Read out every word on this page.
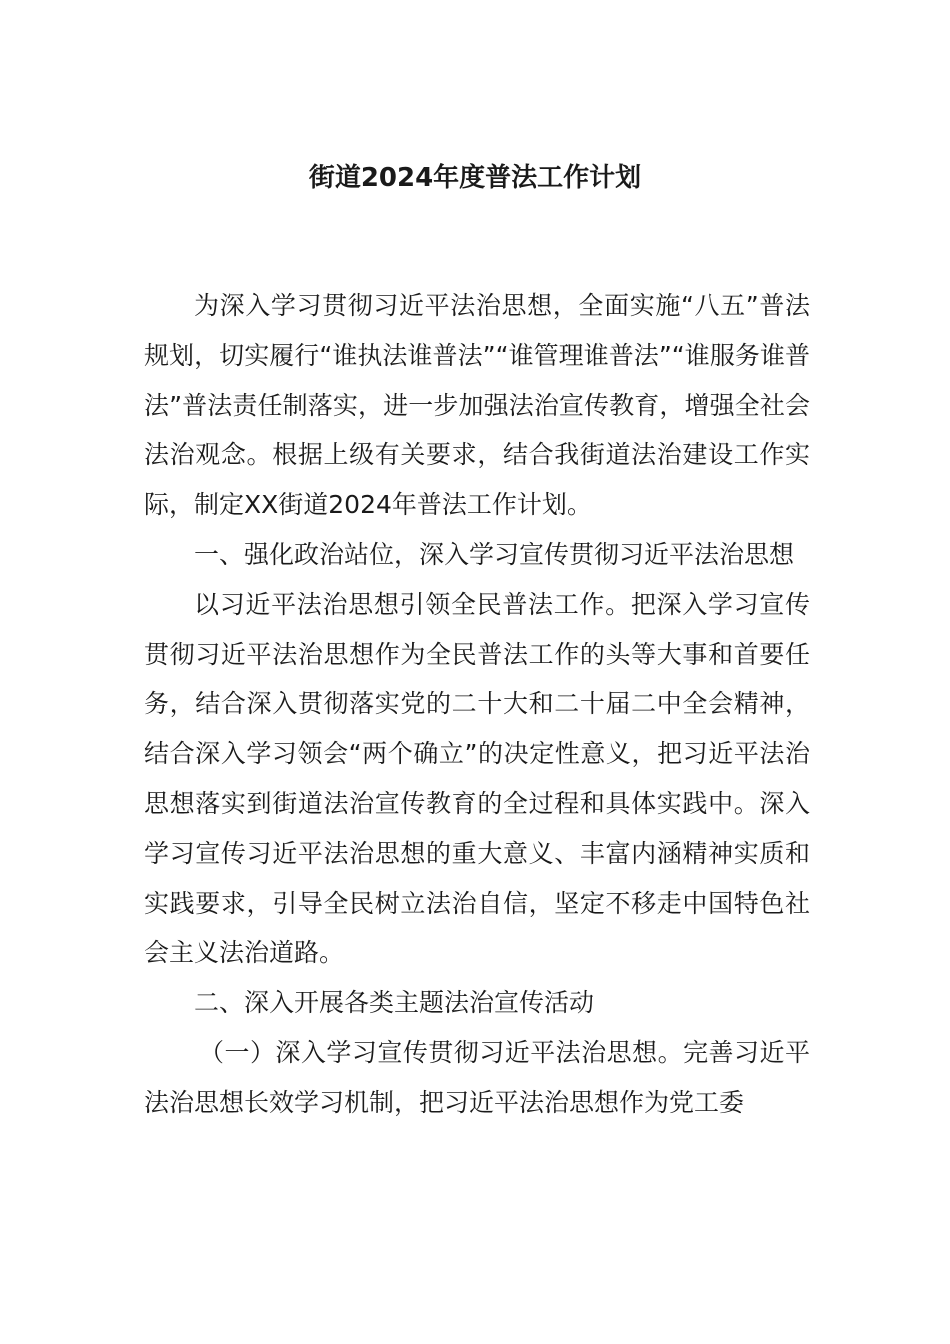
街道2024年度普法工作计划

为深入学习贯彻习近平法治思想，全面实施“八五”普法规划，切实履行“谁执法谁普法”“谁管理谁普法”“谁服务谁普法”普法责任制落实，进一步加强法治宣传教育，增强全社会法治观念。根据上级有关要求，结合我街道法治建设工作实际，制定XX街道2024年普法工作计划。

一、强化政治站位，深入学习宣传贯彻习近平法治思想

以习近平法治思想引领全民普法工作。把深入学习宣传贯彻习近平法治思想作为全民普法工作的头等大事和首要任务，结合深入贯彻落实党的二十大和二十届二中全会精神，结合深入学习领会“两个确立”的决定性意义，把习近平法治思想落实到街道法治宣传教育的全过程和具体实践中。深入学习宣传习近平法治思想的重大意义、丰富内涵精神实质和实践要求，引导全民树立法治自信，坚定不移走中国特色社会主义法治道路。

二、深入开展各类主题法治宣传活动

（一）深入学习宣传贯彻习近平法治思想。完善习近平法治思想长效学习机制，把习近平法治思想作为党工委
